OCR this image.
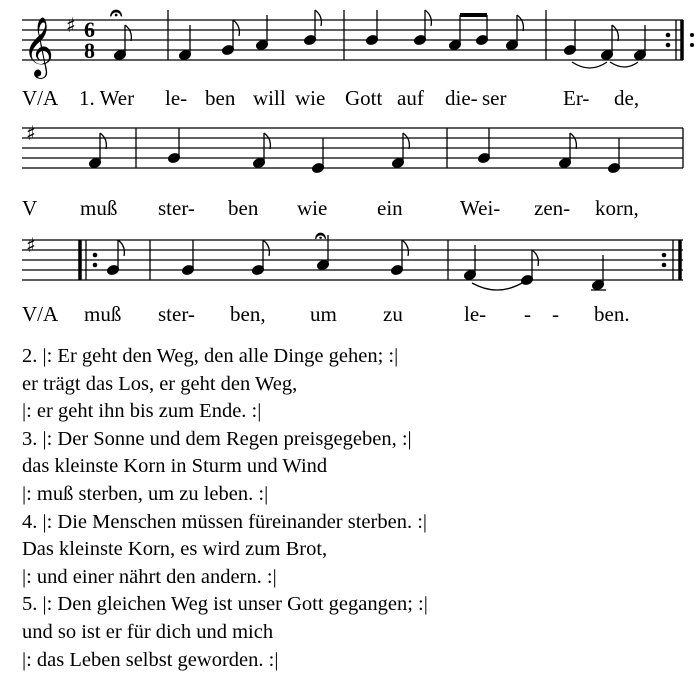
𝄞 ♯ 6
8
𝄐
V/A 1. Wer le- ben will wie Gott auf die- ser	Er- de,
♯
V muß ster- ben wie ein	Wei- zen- korn,
♯	𝄐
V/A muß ster- ben, um zu	le- - - ben.
2. |: Er geht den Weg, den alle Dinge gehen; :|
er trägt das Los, er geht den Weg,
|: er geht ihn bis zum Ende. :|
3. |: Der Sonne und dem Regen preisgegeben, :|
das kleinste Korn in Sturm und Wind
|: muß sterben, um zu leben. :|
4. |: Die Menschen müssen füreinander sterben. :|
Das kleinste Korn, es wird zum Brot,
|: und einer nährt den andern. :|
5. |: Den gleichen Weg ist unser Gott gegangen; :|
und so ist er für dich und mich
|: das Leben selbst geworden. :|
